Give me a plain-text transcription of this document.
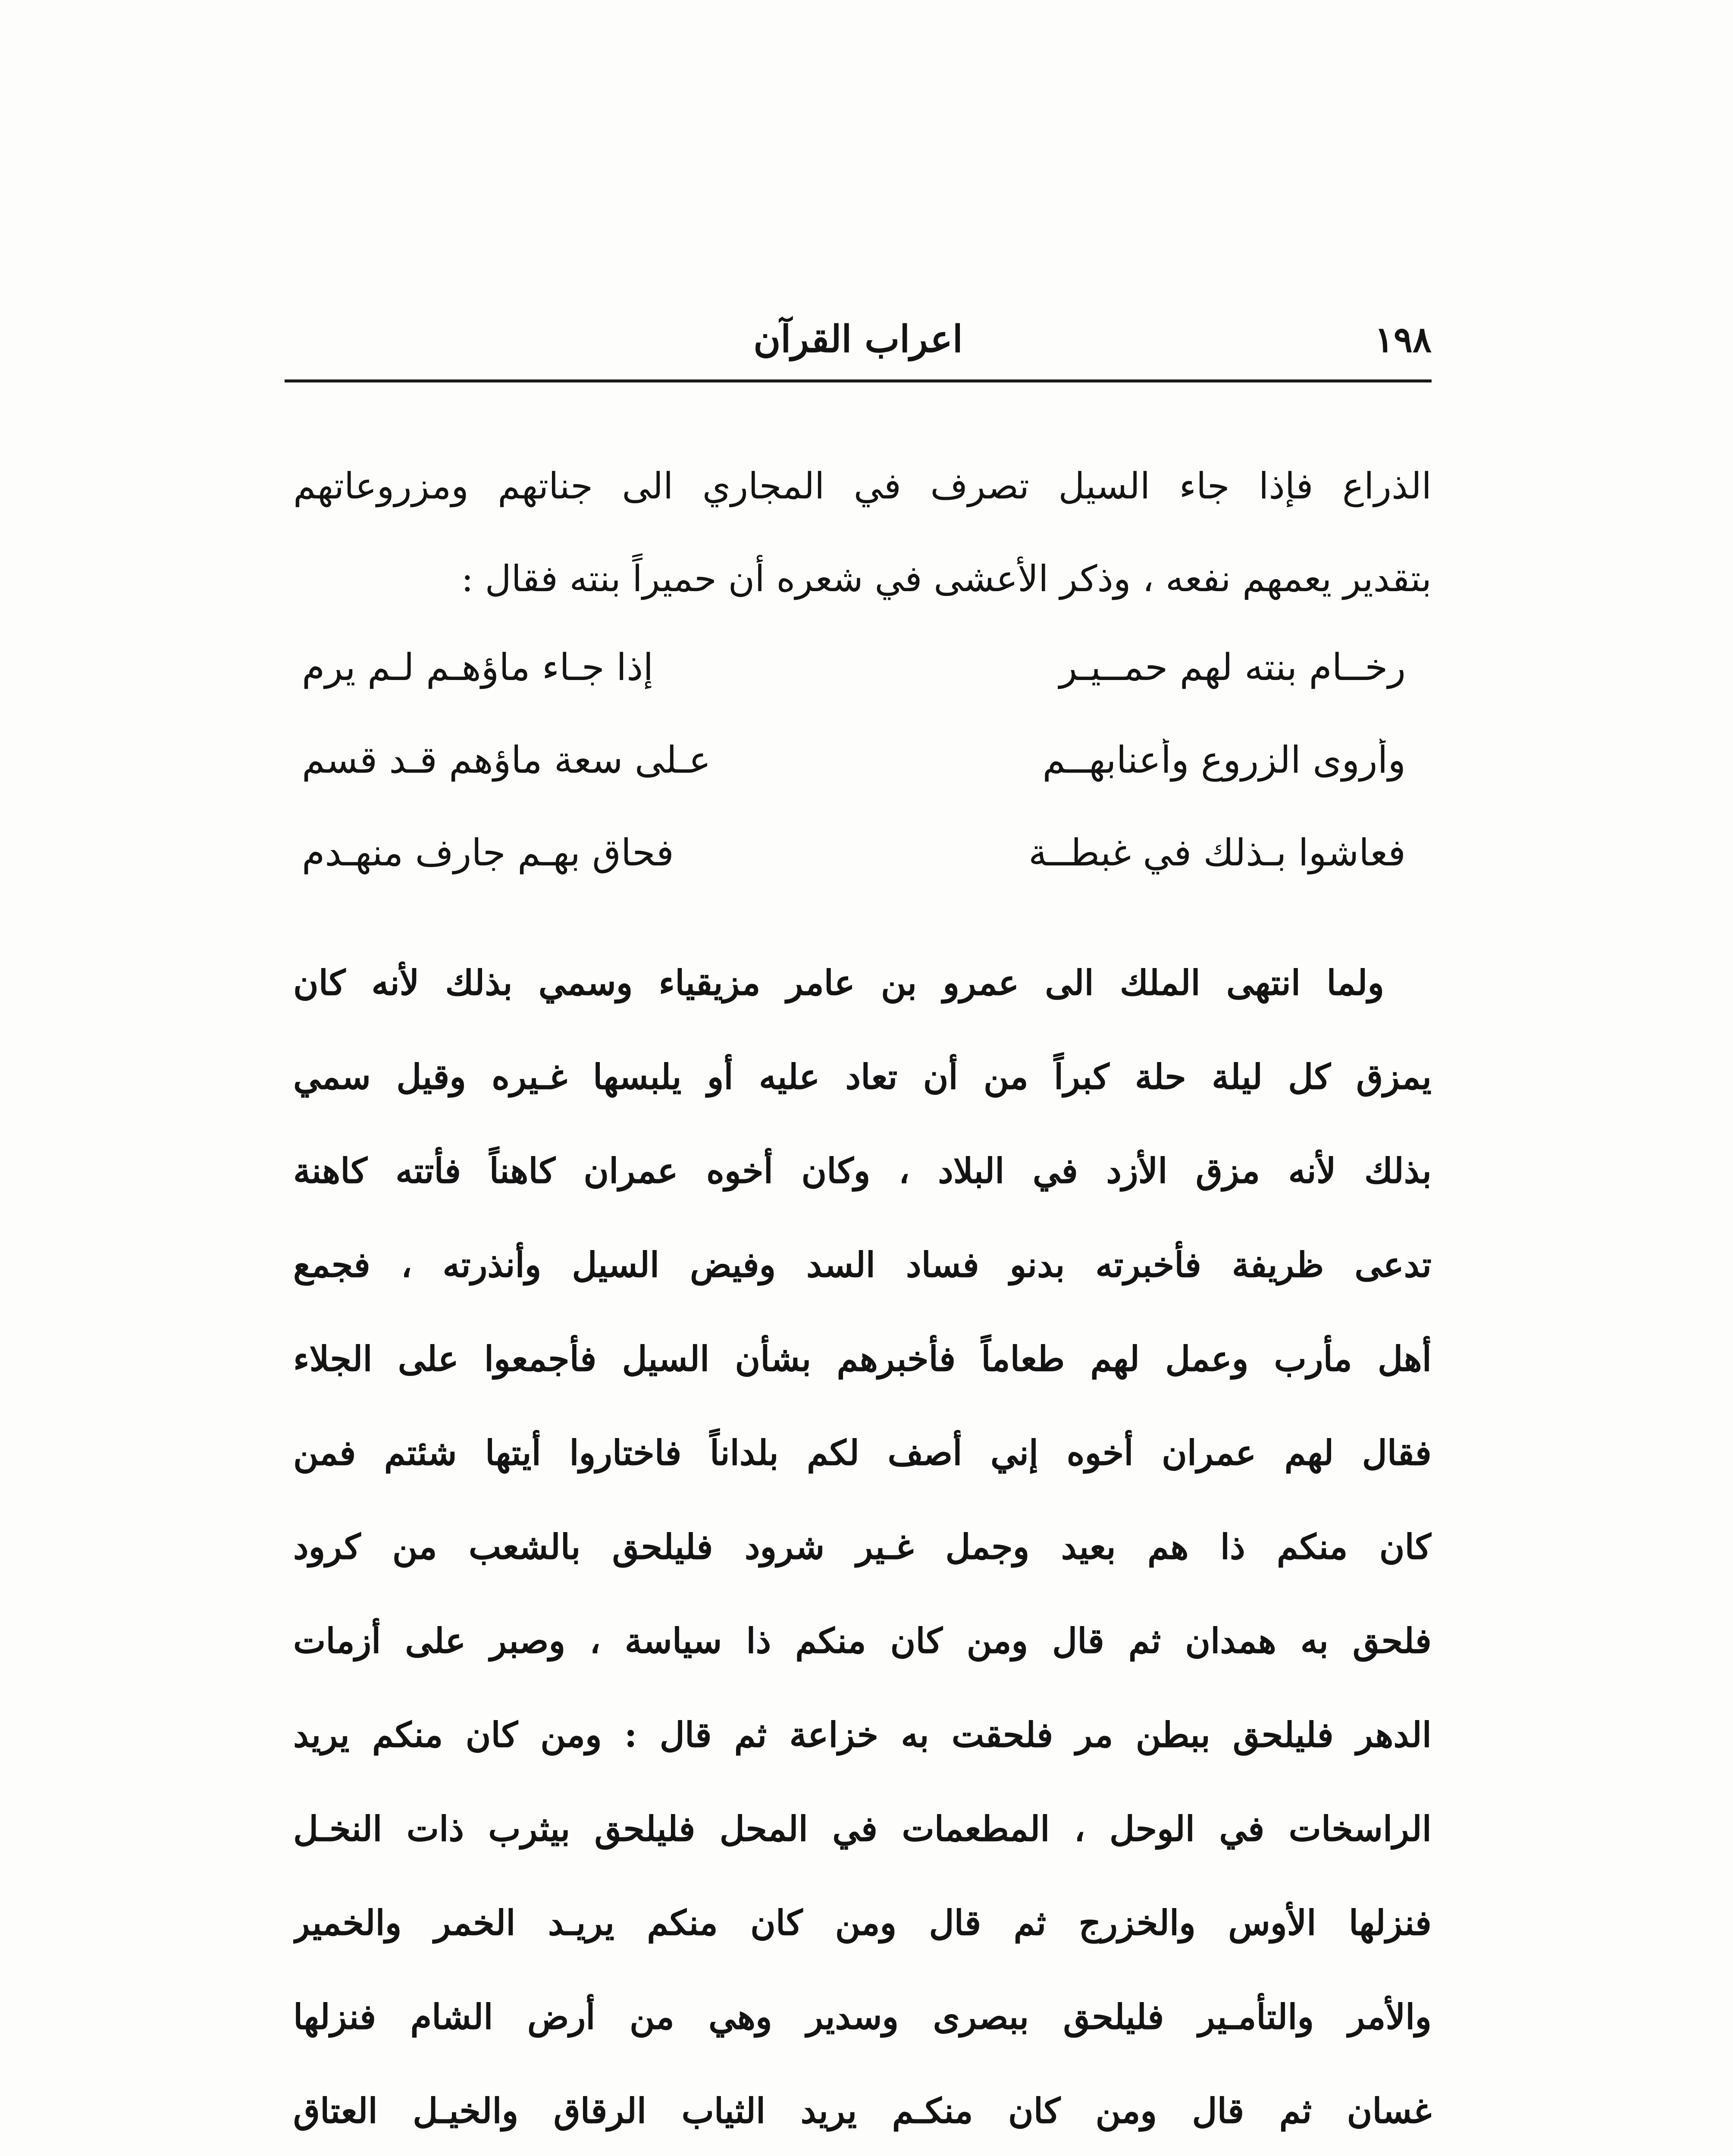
١٩٨
اعراب القرآن
الذراع فإذا جاء السيل تصرف في المجاري الى جناتهم ومزروعاتهم
بتقدير يعمهم نفعه ، وذكر الأعشى في شعره أن حميراً بنته فقال :
رخــام بنته لهم حمــيـر
إذا جـاء ماؤهـم لـم يرم
وأروى الزروع وأعنابهــم
عـلى سعة ماؤهم قـد قسم
فعاشوا بـذلك في غبطــة
فحاق بهـم جارف منهـدم
ولما انتهى الملك الى عمرو بن عامر مزيقياء وسمي بذلك لأنه كان
يمزق كل ليلة حلة كبراً من أن تعاد عليه أو يلبسها غـيره وقيل سمي
بذلك لأنه مزق الأزد في البلاد ، وكان أخوه عمران كاهناً فأتته كاهنة
تدعى ظريفة فأخبرته بدنو فساد السد وفيض السيل وأنذرته ، فجمع
أهل مأرب وعمل لهم طعاماً فأخبرهم بشأن السيل فأجمعوا على الجلاء
فقال لهم عمران أخوه إني أصف لكم بلداناً فاختاروا أيتها شئتم فمن
كان منكم ذا هم بعيد وجمل غـير شرود فليلحق بالشعب من كرود
فلحق به همدان ثم قال ومن كان منكم ذا سياسة ، وصبر على أزمات
الدهر فليلحق ببطن مر فلحقت به خزاعة ثم قال : ومن كان منكم يريد
الراسخات في الوحل ، المطعمات في المحل فليلحق بيثرب ذات النخـل
فنزلها الأوس والخزرج ثم قال ومن كان منكم يريـد الخمر والخمير
والأمر والتأمـير فليلحق ببصرى وسدير وهي من أرض الشام فنزلها
غسان ثم قال ومن كان منكـم يريد الثياب الرقاق والخيـل العتاق
